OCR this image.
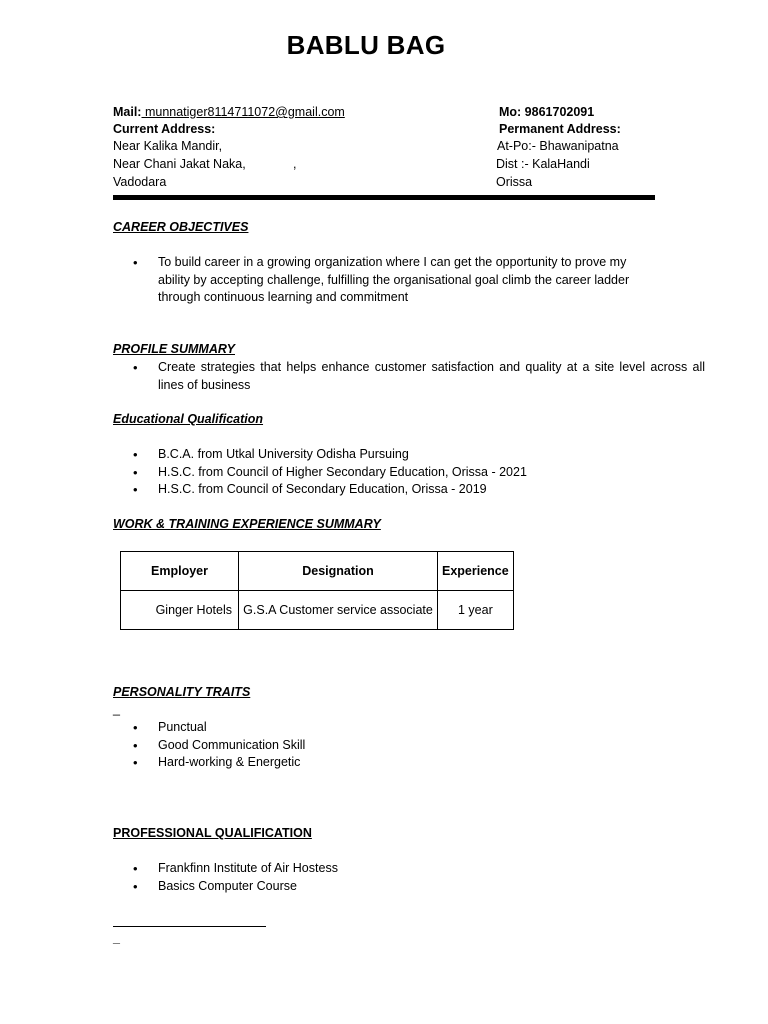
BABLU BAG
Mail: munnatiger8114711072@gmail.com	Mo: 9861702091
Current Address:	Permanent Address:
Near Kalika Mandir,
Near Chani Jakat Naka,	,
Vadodara
At-Po:- Bhawanipatna
Dist :- KalaHandi
Orissa
CAREER OBJECTIVES
• To build career in a growing organization where I can get the opportunity to prove my ability by accepting challenge, fulfilling the organisational goal climb the career ladder through continuous learning and commitment
PROFILE SUMMARY
• Create strategies that helps enhance customer satisfaction and quality at a site level across all lines of business
Educational Qualification
• B.C.A. from Utkal University Odisha Pursuing
• H.S.C. from Council of Higher Secondary Education, Orissa - 2021
• H.S.C. from Council of Secondary Education, Orissa - 2019
WORK & TRAINING EXPERIENCE SUMMARY
Employer	Designation	Experience
Ginger Hotels	G.S.A Customer service associate	1 year
PERSONALITY TRAITS
_
• Punctual
• Good Communication Skill
• Hard-working & Energetic
PROFESSIONAL QUALIFICATION
• Frankfinn Institute of Air Hostess
• Basics Computer Course
_
